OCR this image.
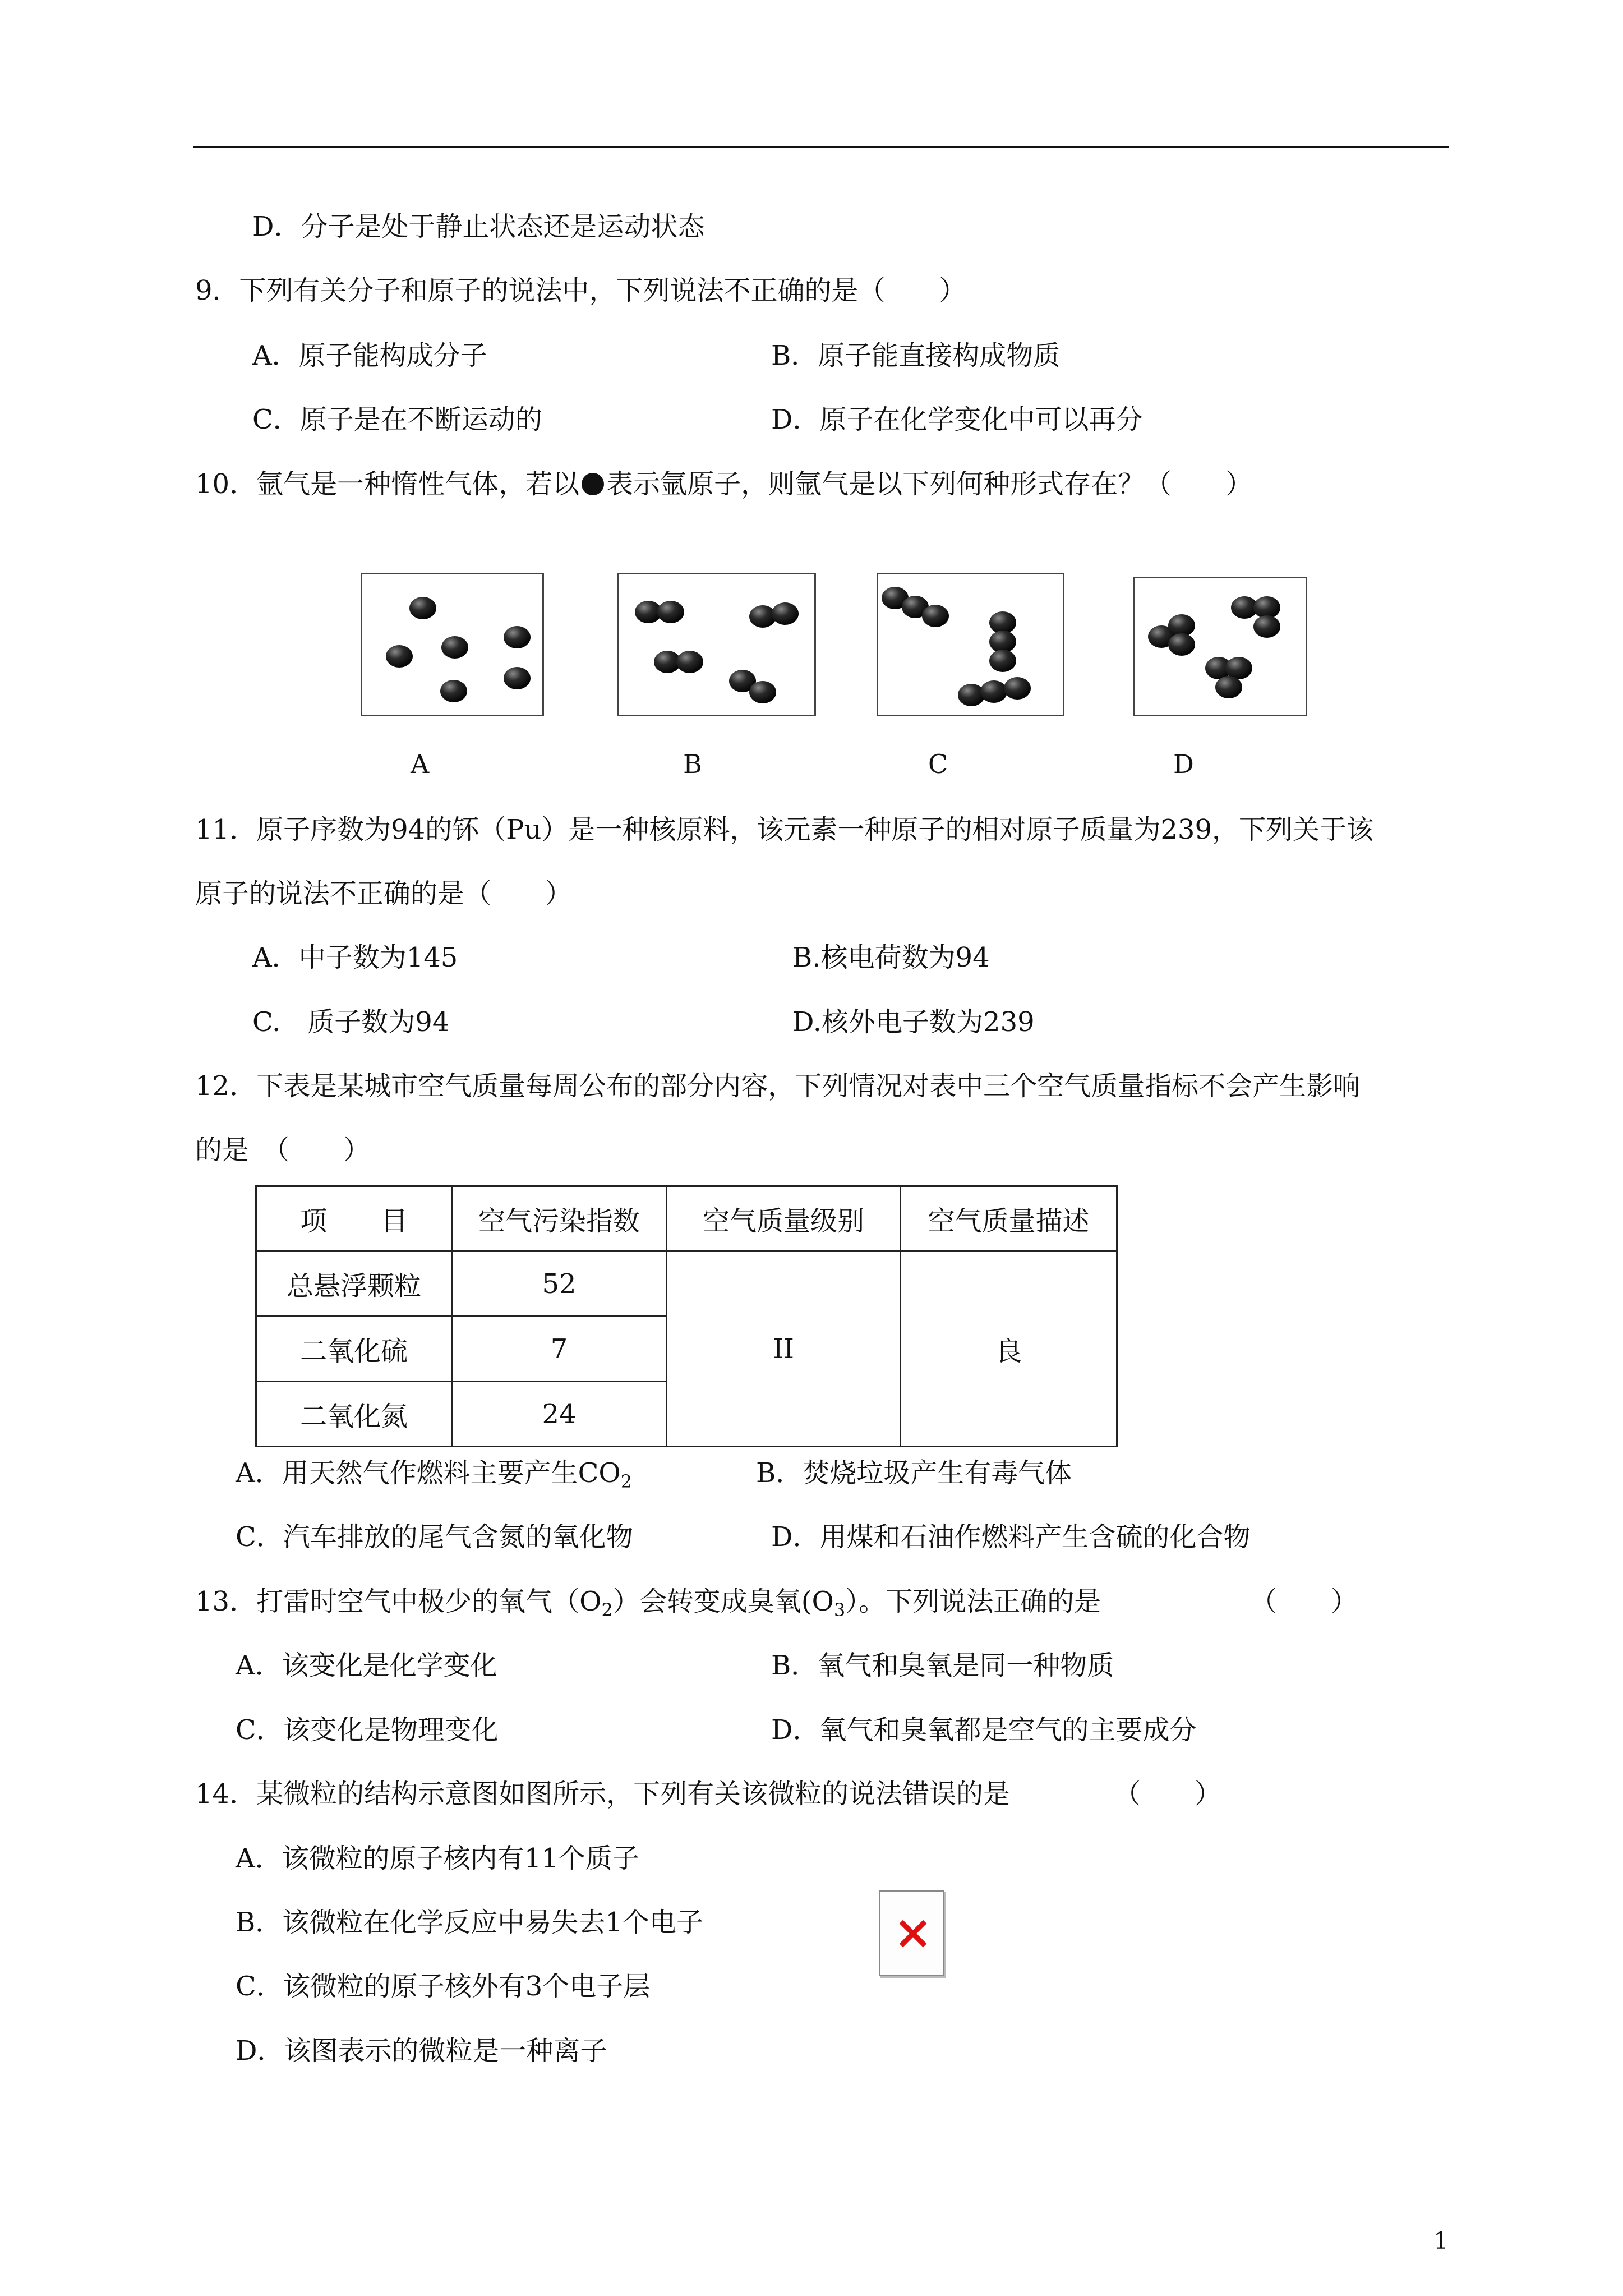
D．分子是处于静止状态还是运动状态
9．下列有关分子和原子的说法中，下列说法不正确的是（　　）
A．原子能构成分子	B．原子能直接构成物质
C．原子是在不断运动的	D．原子在化学变化中可以再分
10．氩气是一种惰性气体，若以 表示氩原子，则氩气是以下列何种形式存在？（　　）
A	B	C	D
11．原子序数为94的钚（Pu）是一种核原料，该元素一种原子的相对原子质量为239，下列关于该
原子的说法不正确的是（　　）
A．中子数为145	B.核电荷数为94
C.　质子数为94	D.核外电子数为239
12．下表是某城市空气质量每周公布的部分内容，下列情况对表中三个空气质量指标不会产生影响
的是　（　　）
项　　目	空气污染指数	空气质量级别	空气质量描述
总悬浮颗粒	52	II	良
二氧化硫	7		
二氧化氮	24		
A．用天然气作燃料主要产生$CO_2$	B．焚烧垃圾产生有毒气体
C．汽车排放的尾气含氮的氧化物	D．用煤和石油作燃料产生含硫的化合物
13．打雷时空气中极少的氧气$(O_2)$会转变成臭氧$(O_3)$。下列说法正确的是	（　　）
A．该变化是化学变化	B．氧气和臭氧是同一种物质
C．该变化是物理变化	D．氧气和臭氧都是空气的主要成分
14．某微粒的结构示意图如图所示，下列有关该微粒的说法错误的是	（　　）
A．该微粒的原子核内有11个质子
B．该微粒在化学反应中易失去1个电子
C．该微粒的原子核外有3个电子层
D．该图表示的微粒是一种离子
1
